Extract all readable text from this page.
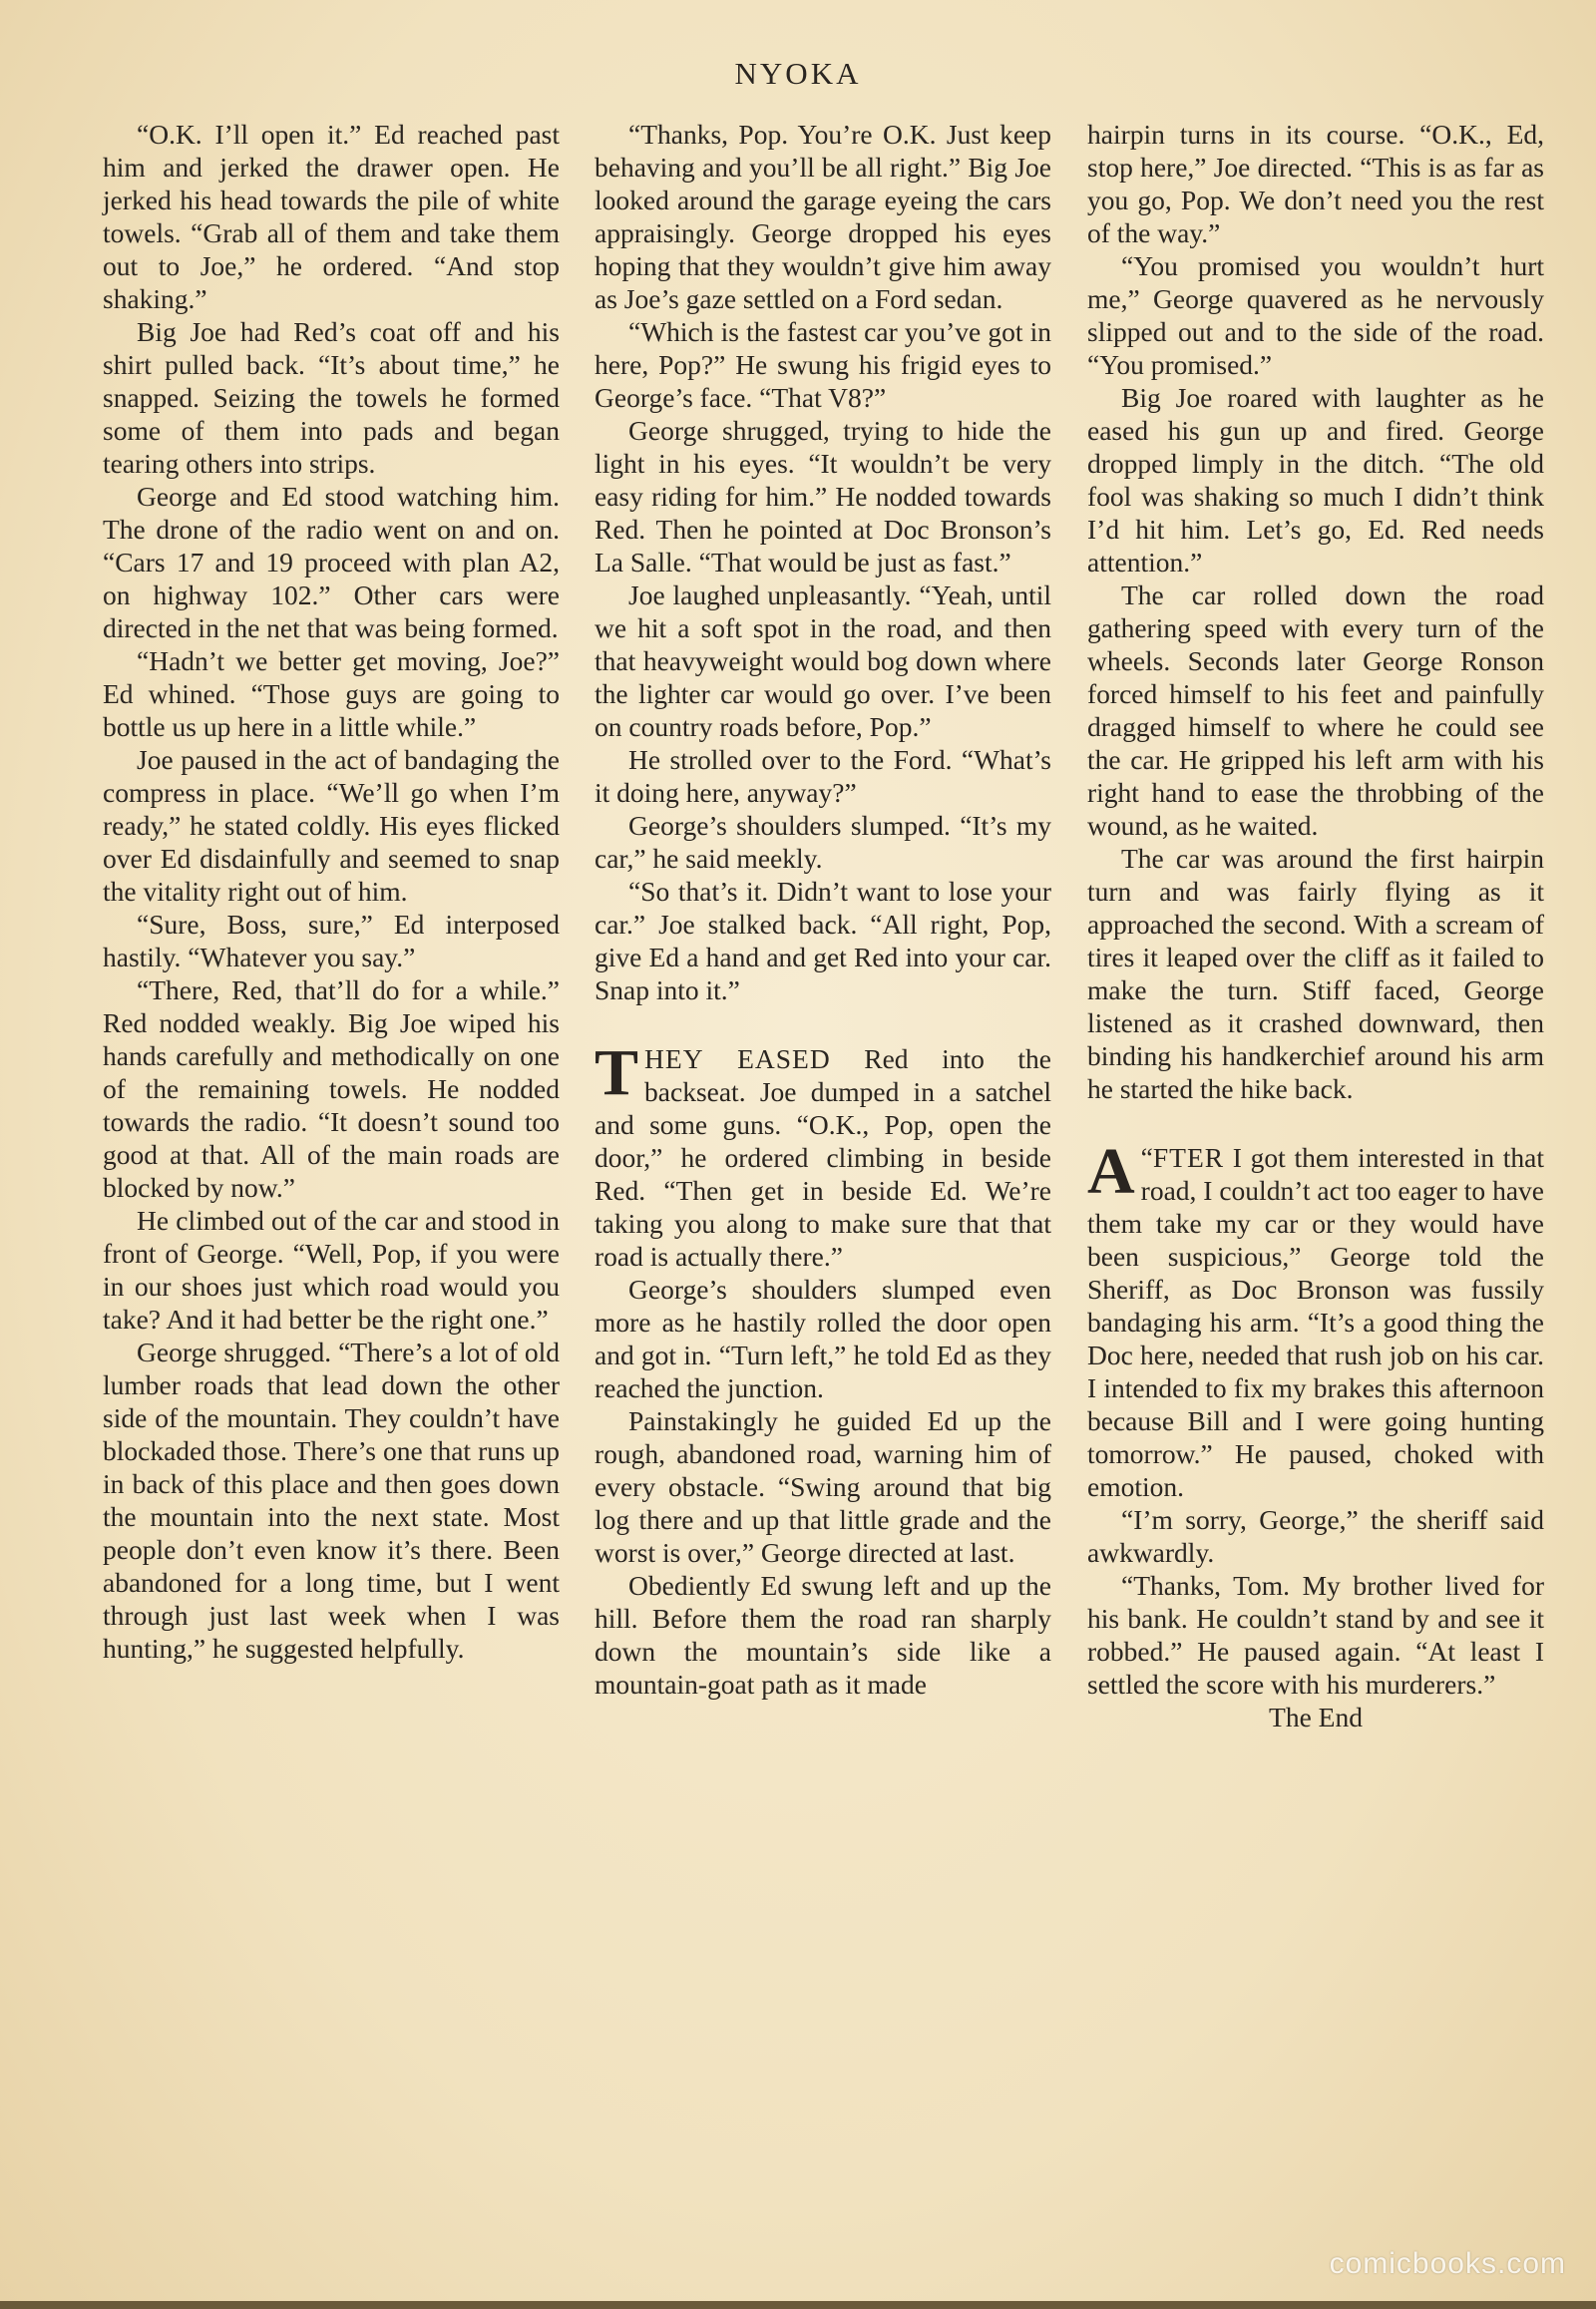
NYOKA

“O.K. I’ll open it.” Ed reached past him and jerked the drawer open. He jerked his head towards the pile of white towels. “Grab all of them and take them out to Joe,” he ordered. “And stop shaking.”

Big Joe had Red’s coat off and his shirt pulled back. “It’s about time,” he snapped. Seizing the towels he formed some of them into pads and began tearing others into strips.

George and Ed stood watching him. The drone of the radio went on and on. “Cars 17 and 19 proceed with plan A2, on highway 102.” Other cars were directed in the net that was being formed.

“Hadn’t we better get moving, Joe?” Ed whined. “Those guys are going to bottle us up here in a little while.”

Joe paused in the act of bandaging the compress in place. “We’ll go when I’m ready,” he stated coldly. His eyes flicked over Ed disdainfully and seemed to snap the vitality right out of him.

“Sure, Boss, sure,” Ed interposed hastily. “Whatever you say.”

“There, Red, that’ll do for a while.” Red nodded weakly. Big Joe wiped his hands carefully and methodically on one of the remaining towels. He nodded towards the radio. “It doesn’t sound too good at that. All of the main roads are blocked by now.”

He climbed out of the car and stood in front of George. “Well, Pop, if you were in our shoes just which road would you take? And it had better be the right one.”

George shrugged. “There’s a lot of old lumber roads that lead down the other side of the mountain. They couldn’t have blockaded those. There’s one that runs up in back of this place and then goes down the mountain into the next state. Most people don’t even know it’s there. Been abandoned for a long time, but I went through just last week when I was hunting,” he suggested helpfully.

“Thanks, Pop. You’re O.K. Just keep behaving and you’ll be all right.” Big Joe looked around the garage eyeing the cars appraisingly. George dropped his eyes hoping that they wouldn’t give him away as Joe’s gaze settled on a Ford sedan.

“Which is the fastest car you’ve got in here, Pop?” He swung his frigid eyes to George’s face. “That V8?”

George shrugged, trying to hide the light in his eyes. “It wouldn’t be very easy riding for him.” He nodded towards Red. Then he pointed at Doc Bronson’s La Salle. “That would be just as fast.”

Joe laughed unpleasantly. “Yeah, until we hit a soft spot in the road, and then that heavyweight would bog down where the lighter car would go over. I’ve been on country roads before, Pop.”

He strolled over to the Ford. “What’s it doing here, anyway?”

George’s shoulders slumped. “It’s my car,” he said meekly.

“So that’s it. Didn’t want to lose your car.” Joe stalked back. “All right, Pop, give Ed a hand and get Red into your car. Snap into it.”

THEY EASED Red into the backseat. Joe dumped in a satchel and some guns. “O.K., Pop, open the door,” he ordered climbing in beside Red. “Then get in beside Ed. We’re taking you along to make sure that that road is actually there.”

George’s shoulders slumped even more as he hastily rolled the door open and got in. “Turn left,” he told Ed as they reached the junction.

Painstakingly he guided Ed up the rough, abandoned road, warning him of every obstacle. “Swing around that big log there and up that little grade and the worst is over,” George directed at last.

Obediently Ed swung left and up the hill. Before them the road ran sharply down the mountain’s side like a mountain-goat path as it made

hairpin turns in its course. “O.K., Ed, stop here,” Joe directed. “This is as far as you go, Pop. We don’t need you the rest of the way.”

“You promised you wouldn’t hurt me,” George quavered as he nervously slipped out and to the side of the road. “You promised.”

Big Joe roared with laughter as he eased his gun up and fired. George dropped limply in the ditch. “The old fool was shaking so much I didn’t think I’d hit him. Let’s go, Ed. Red needs attention.”

The car rolled down the road gathering speed with every turn of the wheels. Seconds later George Ronson forced himself to his feet and painfully dragged himself to where he could see the car. He gripped his left arm with his right hand to ease the throbbing of the wound, as he waited.

The car was around the first hairpin turn and was fairly flying as it approached the second. With a scream of tires it leaped over the cliff as it failed to make the turn. Stiff faced, George listened as it crashed downward, then binding his handkerchief around his arm he started the hike back.

“
A FTER I got them interested in that road, I couldn’t act too eager to have them take my car or they would have been suspicious,” George told the Sheriff, as Doc Bronson was fussily bandaging his arm. “It’s a good thing the Doc here, needed that rush job on his car. I intended to fix my brakes this afternoon because Bill and I were going hunting tomorrow.” He paused, choked with emotion.

“I’m sorry, George,” the sheriff said awkwardly.

“Thanks, Tom. My brother lived for his bank. He couldn’t stand by and see it robbed.” He paused again. “At least I settled the score with his murderers.”

The End

comicbooks.com
